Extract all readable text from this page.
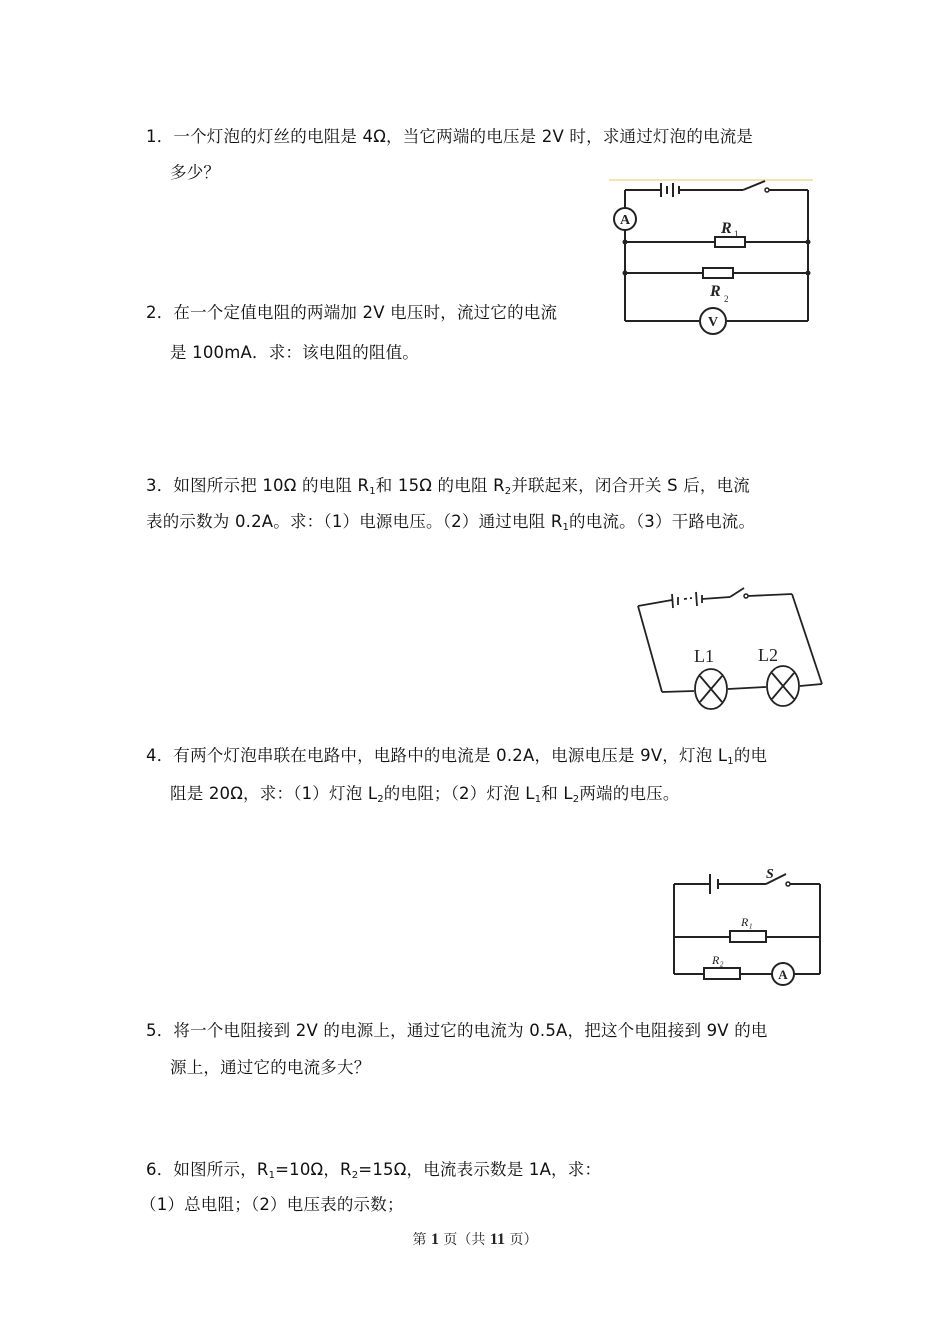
1．一个灯泡的灯丝的电阻是 4Ω，当它两端的电压是 2V 时，求通过灯泡的电流是
多少？
A
V
R 1
R 2
2．在一个定值电阻的两端加 2V 电压时，流过它的电流
是 100mA．求：该电阻的阻值。
3．如图所示把 10Ω 的电阻 $R_1$和 15Ω 的电阻 $R_2$并联起来，闭合开关 S 后，电流
表的示数为 0.2A。求：（1）电源电压。（2）通过电阻 $R_1$的电流。（3）干路电流。
L1 L2
4．有两个灯泡串联在电路中，电路中的电流是 0.2A，电源电压是 9V，灯泡 $L_1$的电
阻是 20Ω，求：（1）灯泡 $L_2$的电阻；（2）灯泡 $L_1$和 $L_2$两端的电压。
S
R₁
R₂
A
5．将一个电阻接到 2V 的电源上，通过它的电流为 0.5A，把这个电阻接到 9V 的电
源上，通过它的电流多大？
6．如图所示，$R_1=10\Omega$，$R_2=15\Omega$，电流表示数是 1A，求：
（1）总电阻；（2）电压表的示数；
第 1 页（共 11 页）
